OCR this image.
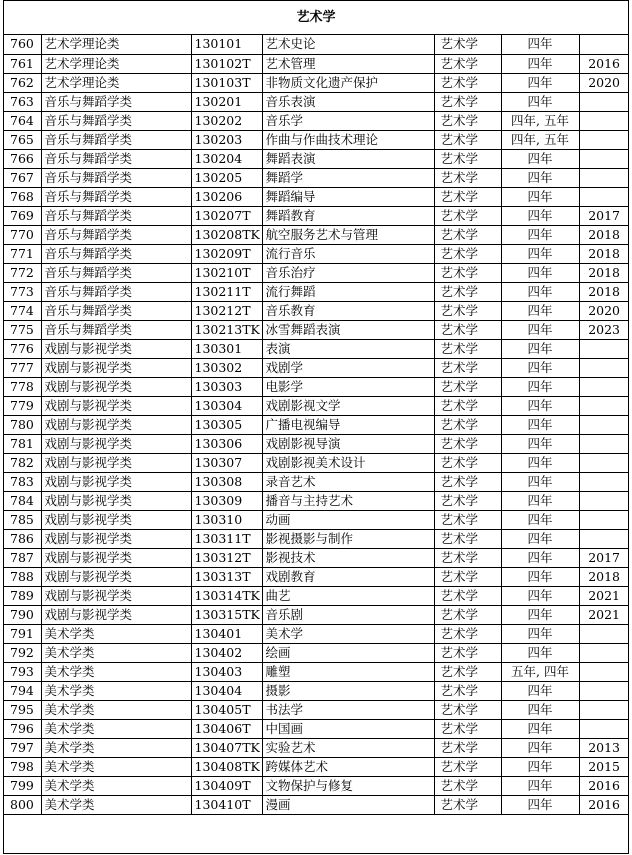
艺术学
760	艺术学理论类	130101	艺术史论	艺术学	四年	
761	艺术学理论类	130102T	艺术管理	艺术学	四年	2016
762	艺术学理论类	130103T	非物质文化遗产保护	艺术学	四年	2020
763	音乐与舞蹈学类	130201	音乐表演	艺术学	四年	
764	音乐与舞蹈学类	130202	音乐学	艺术学	四年, 五年	
765	音乐与舞蹈学类	130203	作曲与作曲技术理论	艺术学	四年, 五年	
766	音乐与舞蹈学类	130204	舞蹈表演	艺术学	四年	
767	音乐与舞蹈学类	130205	舞蹈学	艺术学	四年	
768	音乐与舞蹈学类	130206	舞蹈编导	艺术学	四年	
769	音乐与舞蹈学类	130207T	舞蹈教育	艺术学	四年	2017
770	音乐与舞蹈学类	130208TK	航空服务艺术与管理	艺术学	四年	2018
771	音乐与舞蹈学类	130209T	流行音乐	艺术学	四年	2018
772	音乐与舞蹈学类	130210T	音乐治疗	艺术学	四年	2018
773	音乐与舞蹈学类	130211T	流行舞蹈	艺术学	四年	2018
774	音乐与舞蹈学类	130212T	音乐教育	艺术学	四年	2020
775	音乐与舞蹈学类	130213TK	冰雪舞蹈表演	艺术学	四年	2023
776	戏剧与影视学类	130301	表演	艺术学	四年	
777	戏剧与影视学类	130302	戏剧学	艺术学	四年	
778	戏剧与影视学类	130303	电影学	艺术学	四年	
779	戏剧与影视学类	130304	戏剧影视文学	艺术学	四年	
780	戏剧与影视学类	130305	广播电视编导	艺术学	四年	
781	戏剧与影视学类	130306	戏剧影视导演	艺术学	四年	
782	戏剧与影视学类	130307	戏剧影视美术设计	艺术学	四年	
783	戏剧与影视学类	130308	录音艺术	艺术学	四年	
784	戏剧与影视学类	130309	播音与主持艺术	艺术学	四年	
785	戏剧与影视学类	130310	动画	艺术学	四年	
786	戏剧与影视学类	130311T	影视摄影与制作	艺术学	四年	
787	戏剧与影视学类	130312T	影视技术	艺术学	四年	2017
788	戏剧与影视学类	130313T	戏剧教育	艺术学	四年	2018
789	戏剧与影视学类	130314TK	曲艺	艺术学	四年	2021
790	戏剧与影视学类	130315TK	音乐剧	艺术学	四年	2021
791	美术学类	130401	美术学	艺术学	四年	
792	美术学类	130402	绘画	艺术学	四年	
793	美术学类	130403	雕塑	艺术学	五年, 四年	
794	美术学类	130404	摄影	艺术学	四年	
795	美术学类	130405T	书法学	艺术学	四年	
796	美术学类	130406T	中国画	艺术学	四年	
797	美术学类	130407TK	实验艺术	艺术学	四年	2013
798	美术学类	130408TK	跨媒体艺术	艺术学	四年	2015
799	美术学类	130409T	文物保护与修复	艺术学	四年	2016
800	美术学类	130410T	漫画	艺术学	四年	2016
